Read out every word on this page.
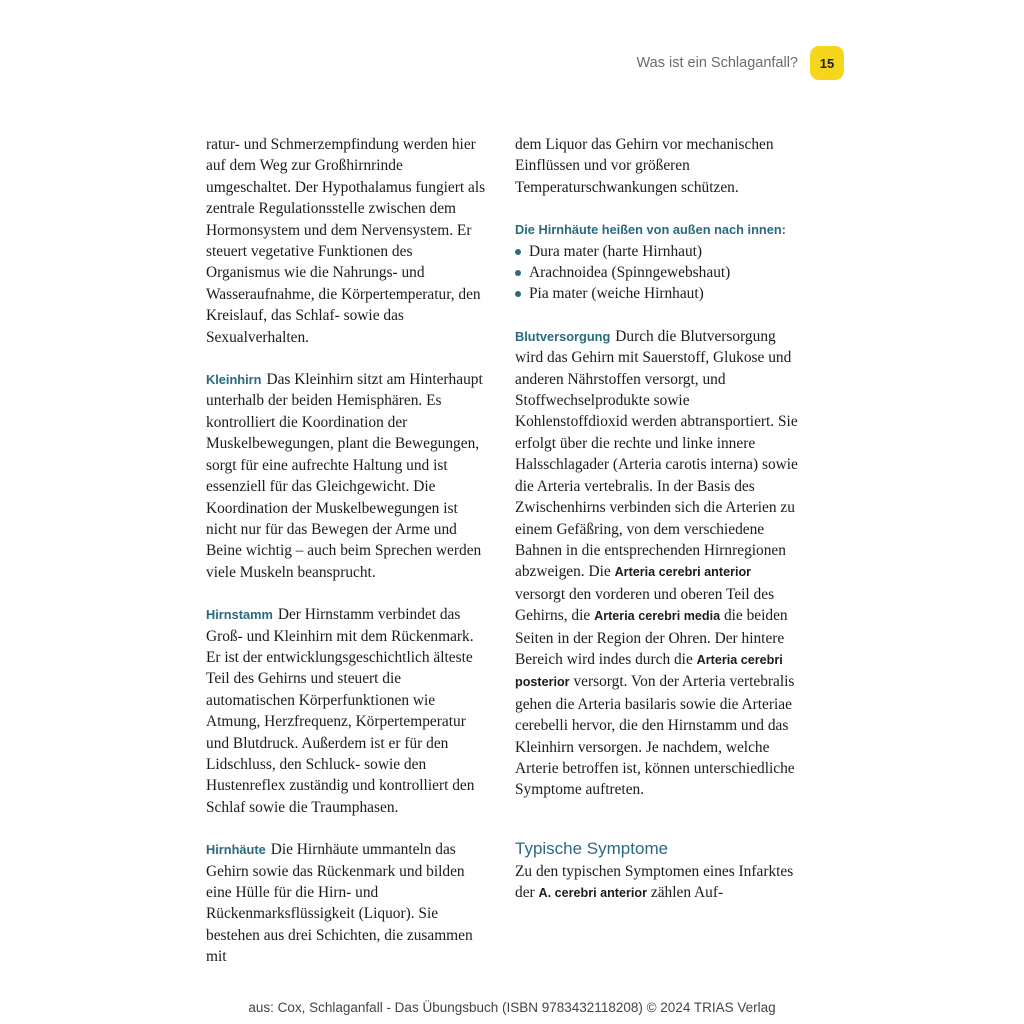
Was ist ein Schlaganfall?	15

ratur- und Schmerzempfindung werden hier auf dem Weg zur Großhirnrinde umgeschaltet. Der Hypothalamus fungiert als zentrale Regulationsstelle zwischen dem Hormonsystem und dem Nervensystem. Er steuert vegetative Funktionen des Organismus wie die Nahrungs- und Wasseraufnahme, die Körpertemperatur, den Kreislauf, das Schlaf- sowie das Sexualverhalten.

Kleinhirn Das Kleinhirn sitzt am Hinterhaupt unterhalb der beiden Hemisphären. Es kontrolliert die Koordination der Muskelbewegungen, plant die Bewegungen, sorgt für eine aufrechte Haltung und ist essenziell für das Gleichgewicht. Die Koordination der Muskelbewegungen ist nicht nur für das Bewegen der Arme und Beine wichtig – auch beim Sprechen werden viele Muskeln beansprucht.

Hirnstamm Der Hirnstamm verbindet das Groß- und Kleinhirn mit dem Rückenmark. Er ist der entwicklungsgeschichtlich älteste Teil des Gehirns und steuert die automatischen Körperfunktionen wie Atmung, Herzfrequenz, Körpertemperatur und Blutdruck. Außerdem ist er für den Lidschluss, den Schluck- sowie den Hustenreflex zuständig und kontrolliert den Schlaf sowie die Traumphasen.

Hirnhäute Die Hirnhäute ummanteln das Gehirn sowie das Rückenmark und bilden eine Hülle für die Hirn- und Rückenmarksflüssigkeit (Liquor). Sie bestehen aus drei Schichten, die zusammen mit

dem Liquor das Gehirn vor mechanischen Einflüssen und vor größeren Temperaturschwankungen schützen.

Die Hirnhäute heißen von außen nach innen:

Dura mater (harte Hirnhaut)
Arachnoidea (Spinngewebshaut)
Pia mater (weiche Hirnhaut)

Blutversorgung Durch die Blutversorgung wird das Gehirn mit Sauerstoff, Glukose und anderen Nährstoffen versorgt, und Stoffwechselprodukte sowie Kohlenstoffdioxid werden abtransportiert. Sie erfolgt über die rechte und linke innere Halsschlagader (Arteria carotis interna) sowie die Arteria vertebralis. In der Basis des Zwischenhirns verbinden sich die Arterien zu einem Gefäßring, von dem verschiedene Bahnen in die entsprechenden Hirnregionen abzweigen. Die Arteria cerebri anterior versorgt den vorderen und oberen Teil des Gehirns, die Arteria cerebri media die beiden Seiten in der Region der Ohren. Der hintere Bereich wird indes durch die Arteria cerebri posterior versorgt. Von der Arteria vertebralis gehen die Arteria basilaris sowie die Arteriae cerebelli hervor, die den Hirnstamm und das Kleinhirn versorgen. Je nachdem, welche Arterie betroffen ist, können unterschiedliche Symptome auftreten.

Typische Symptome

Zu den typischen Symptomen eines Infarktes der A. cerebri anterior zählen Auf-

aus: Cox, Schlaganfall - Das Übungsbuch (ISBN 9783432118208) © 2024 TRIAS Verlag
